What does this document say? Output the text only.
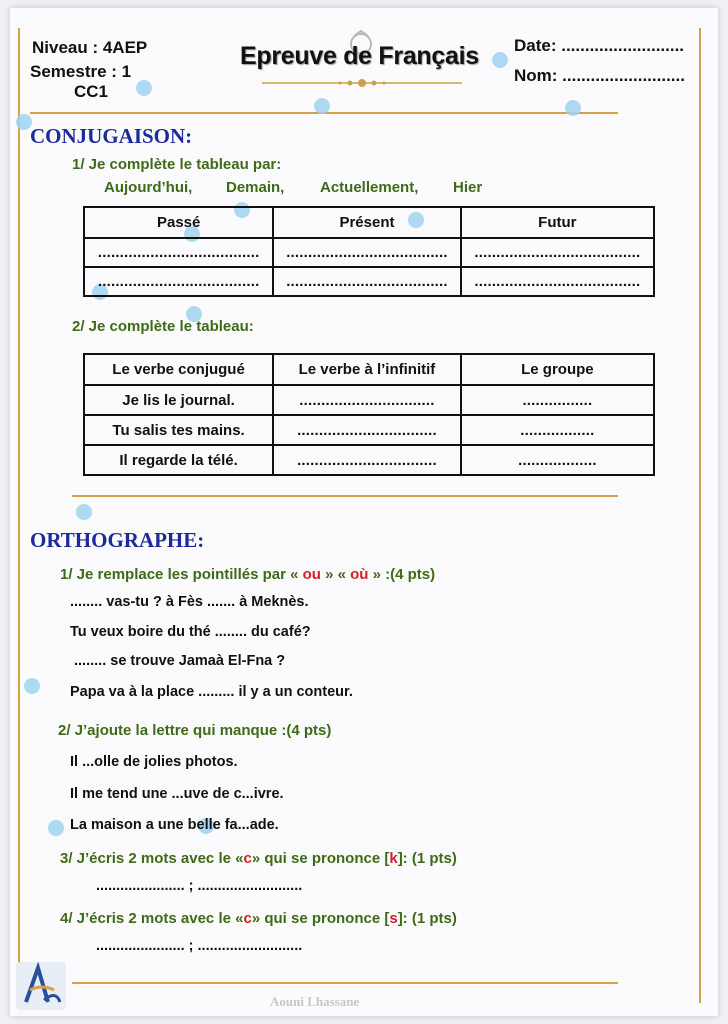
Niveau : 4AEP
Semestre : 1
CC1
Epreuve de Français Date: ..........................
Nom: ..........................
CONJUGAISON:
1/ Je complète le tableau par:
Aujourd’hui, Demain, Actuellement, Hier
Passé	Présent	Futur
.....................................	.....................................	......................................
.....................................	.....................................	......................................
2/ Je complète le tableau:
Le verbe conjugué	Le verbe à l’infinitif	Le groupe
Je lis le journal.	...............................	................
Tu salis tes mains.	................................	.................
Il regarde la télé.	................................	..................
ORTHOGRAPHE:
1/ Je remplace les pointillés par « ou » « où » :(4 pts)
........ vas-tu ? à Fès ....... à Meknès.
Tu veux boire du thé ........ du café?
........ se trouve Jamaà El-Fna ?
Papa va à la place ......... il y a un conteur.
2/ J’ajoute la lettre qui manque :(4 pts)
Il ...olle de jolies photos.
Il me tend une ...uve de c...ivre.
La maison a une belle fa...ade.
3/ J’écris 2 mots avec le «c» qui se prononce [k]: (1 pts)
...................... ; ..........................
4/ J’écris 2 mots avec le «c» qui se prononce [s]: (1 pts)
...................... ; ..........................
Aouni Lhassane
